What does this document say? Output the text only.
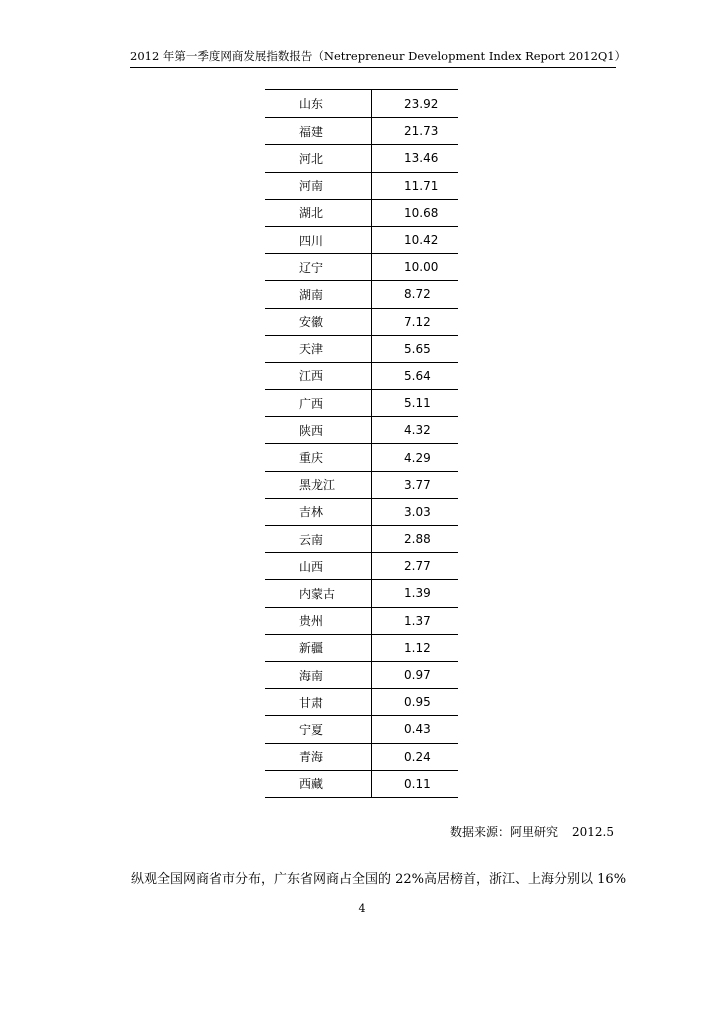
2012 年第一季度网商发展指数报告（Netrepreneur Development Index Report 2012Q1）
山东	23.92
福建	21.73
河北	13.46
河南	11.71
湖北	10.68
四川	10.42
辽宁	10.00
湖南	8.72
安徽	7.12
天津	5.65
江西	5.64
广西	5.11
陕西	4.32
重庆	4.29
黑龙江	3.77
吉林	3.03
云南	2.88
山西	2.77
内蒙古	1.39
贵州	1.37
新疆	1.12
海南	0.97
甘肃	0.95
宁夏	0.43
青海	0.24
西藏	0.11
数据来源：阿里研究 2012.5
纵观全国网商省市分布，广东省网商占全国的 22%高居榜首，浙江、上海分别以 16%
4
